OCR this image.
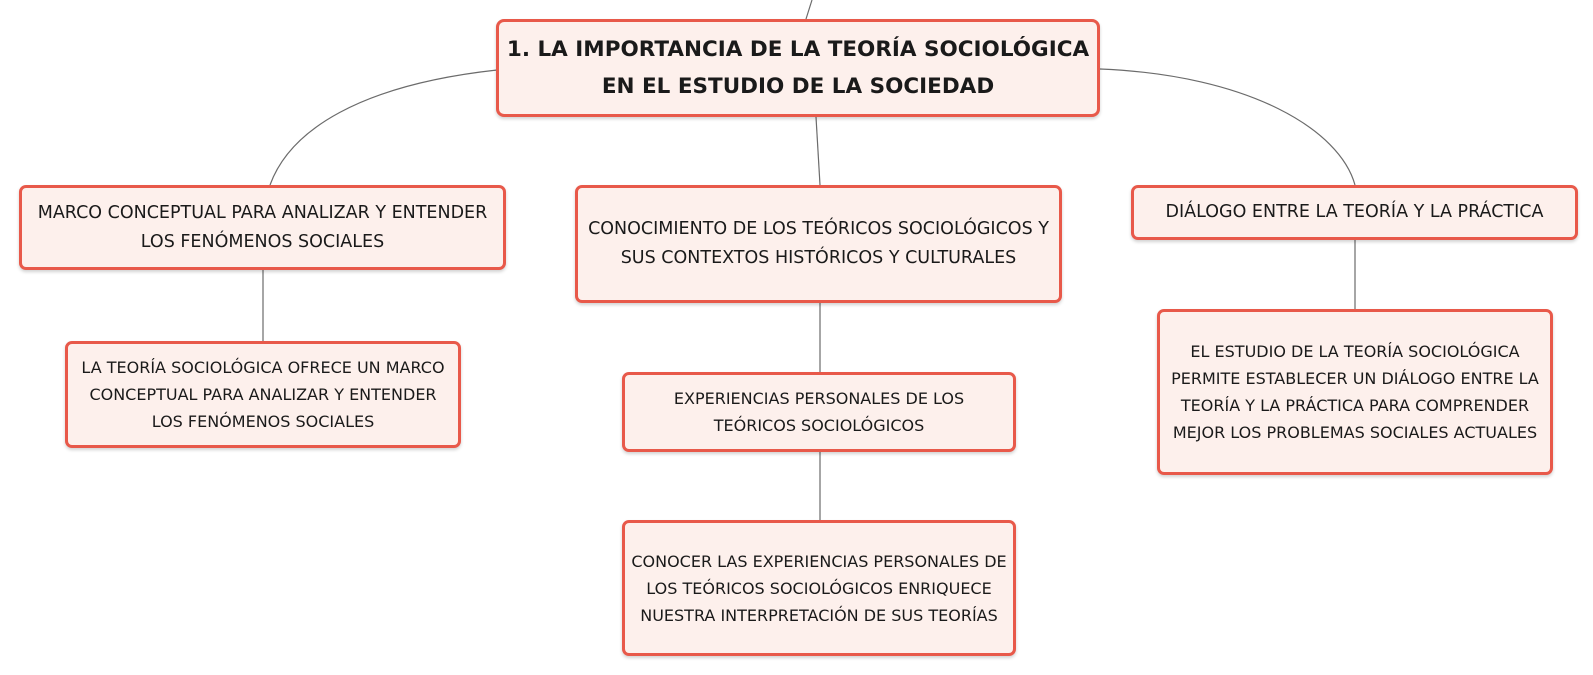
1. LA IMPORTANCIA DE LA TEORÍA SOCIOLÓGICA EN EL ESTUDIO DE LA SOCIEDAD
MARCO CONCEPTUAL PARA ANALIZAR Y ENTENDER LOS FENÓMENOS SOCIALES
CONOCIMIENTO DE LOS TEÓRICOS SOCIOLÓGICOS Y SUS CONTEXTOS HISTÓRICOS Y CULTURALES
DIÁLOGO ENTRE LA TEORÍA Y LA PRÁCTICA
LA TEORÍA SOCIOLÓGICA OFRECE UN MARCO CONCEPTUAL PARA ANALIZAR Y ENTENDER LOS FENÓMENOS SOCIALES
EXPERIENCIAS PERSONALES DE LOS TEÓRICOS SOCIOLÓGICOS
CONOCER LAS EXPERIENCIAS PERSONALES DE LOS TEÓRICOS SOCIOLÓGICOS ENRIQUECE NUESTRA INTERPRETACIÓN DE SUS TEORÍAS
EL ESTUDIO DE LA TEORÍA SOCIOLÓGICA PERMITE ESTABLECER UN DIÁLOGO ENTRE LA TEORÍA Y LA PRÁCTICA PARA COMPRENDER MEJOR LOS PROBLEMAS SOCIALES ACTUALES
